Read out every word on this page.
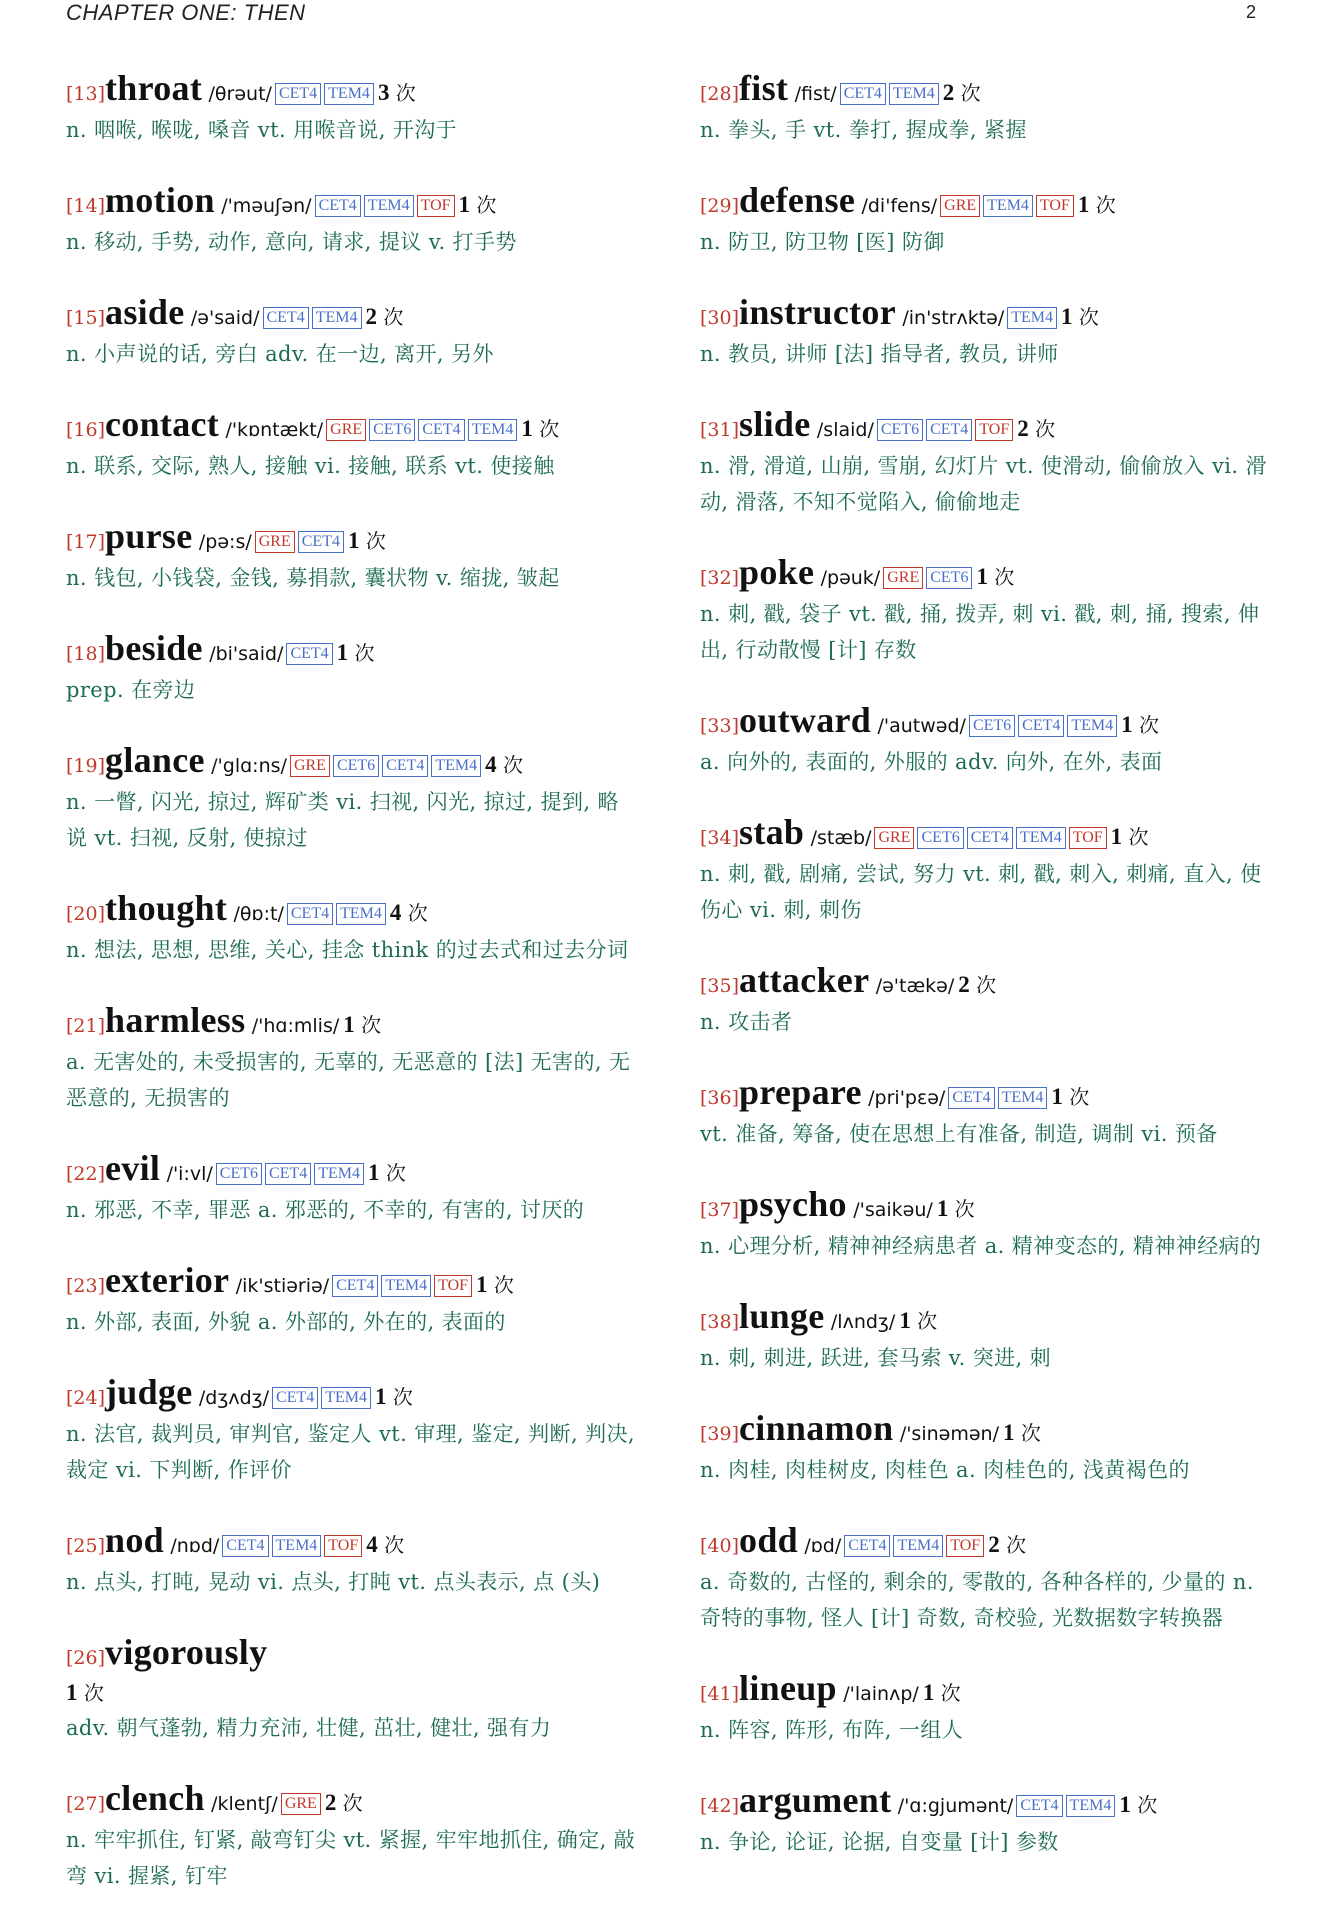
CHAPTER ONE: THEN	2
[13]throat /θrəut/ CET4 TEM4 3 次
n. 咽喉, 喉咙, 嗓音 vt. 用喉音说, 开沟于
[14]motion /'məuʃən/ CET4 TEM4 TOF 1 次
n. 移动, 手势, 动作, 意向, 请求, 提议 v. 打手势
[15]aside /ə'said/ CET4 TEM4 2 次
n. 小声说的话, 旁白 adv. 在一边, 离开, 另外
[16]contact /'kɒntækt/ GRE CET6 CET4 TEM4 1 次
n. 联系, 交际, 熟人, 接触 vi. 接触, 联系 vt. 使接触
[17]purse /pə:s/ GRE CET4 1 次
n. 钱包, 小钱袋, 金钱, 募捐款, 囊状物 v. 缩拢, 皱起
[18]beside /bi'said/ CET4 1 次
prep. 在旁边
[19]glance /'glɑ:ns/ GRE CET6 CET4 TEM4 4 次
n. 一瞥, 闪光, 掠过, 辉矿类 vi. 扫视, 闪光, 掠过, 提到, 略说 vt. 扫视, 反射, 使掠过
[20]thought /θɒ:t/ CET4 TEM4 4 次
n. 想法, 思想, 思维, 关心, 挂念 think 的过去式和过去分词
[21]harmless /'hɑ:mlis/ 1 次
a. 无害处的, 未受损害的, 无辜的, 无恶意的 [法] 无害的, 无恶意的, 无损害的
[22]evil /'i:vl/ CET6 CET4 TEM4 1 次
n. 邪恶, 不幸, 罪恶 a. 邪恶的, 不幸的, 有害的, 讨厌的
[23]exterior /ik'stiəriə/ CET4 TEM4 TOF 1 次
n. 外部, 表面, 外貌 a. 外部的, 外在的, 表面的
[24]judge /dʒʌdʒ/ CET4 TEM4 1 次
n. 法官, 裁判员, 审判官, 鉴定人 vt. 审理, 鉴定, 判断, 判决, 裁定 vi. 下判断, 作评价
[25]nod /nɒd/ CET4 TEM4 TOF 4 次
n. 点头, 打盹, 晃动 vi. 点头, 打盹 vt. 点头表示, 点 (头)
[26]vigorously
1 次
adv. 朝气蓬勃, 精力充沛, 壮健, 茁壮, 健壮, 强有力
[27]clench /klentʃ/ GRE 2 次
n. 牢牢抓住, 钉紧, 敲弯钉尖 vt. 紧握, 牢牢地抓住, 确定, 敲弯 vi. 握紧, 钉牢
[28]fist /fist/ CET4 TEM4 2 次
n. 拳头, 手 vt. 拳打, 握成拳, 紧握
[29]defense /di'fens/ GRE TEM4 TOF 1 次
n. 防卫, 防卫物 [医] 防御
[30]instructor /in'strʌktə/ TEM4 1 次
n. 教员, 讲师 [法] 指导者, 教员, 讲师
[31]slide /slaid/ CET6 CET4 TOF 2 次
n. 滑, 滑道, 山崩, 雪崩, 幻灯片 vt. 使滑动, 偷偷放入 vi. 滑动, 滑落, 不知不觉陷入, 偷偷地走
[32]poke /pəuk/ GRE CET6 1 次
n. 刺, 戳, 袋子 vt. 戳, 捅, 拨弄, 刺 vi. 戳, 刺, 捅, 搜索, 伸出, 行动散慢 [计] 存数
[33]outward /'autwəd/ CET6 CET4 TEM4 1 次
a. 向外的, 表面的, 外服的 adv. 向外, 在外, 表面
[34]stab /stæb/ GRE CET6 CET4 TEM4 TOF 1 次
n. 刺, 戳, 剧痛, 尝试, 努力 vt. 刺, 戳, 刺入, 刺痛, 直入, 使伤心 vi. 刺, 刺伤
[35]attacker /ə'tækə/ 2 次
n. 攻击者
[36]prepare /pri'pɛə/ CET4 TEM4 1 次
vt. 准备, 筹备, 使在思想上有准备, 制造, 调制 vi. 预备
[37]psycho /'saikəu/ 1 次
n. 心理分析, 精神神经病患者 a. 精神变态的, 精神神经病的
[38]lunge /lʌndʒ/ 1 次
n. 刺, 刺进, 跃进, 套马索 v. 突进, 刺
[39]cinnamon /'sinəmən/ 1 次
n. 肉桂, 肉桂树皮, 肉桂色 a. 肉桂色的, 浅黄褐色的
[40]odd /ɒd/ CET4 TEM4 TOF 2 次
a. 奇数的, 古怪的, 剩余的, 零散的, 各种各样的, 少量的 n. 奇特的事物, 怪人 [计] 奇数, 奇校验, 光数据数字转换器
[41]lineup /'lainʌp/ 1 次
n. 阵容, 阵形, 布阵, 一组人
[42]argument /'ɑ:gjumənt/ CET4 TEM4 1 次
n. 争论, 论证, 论据, 自变量 [计] 参数
